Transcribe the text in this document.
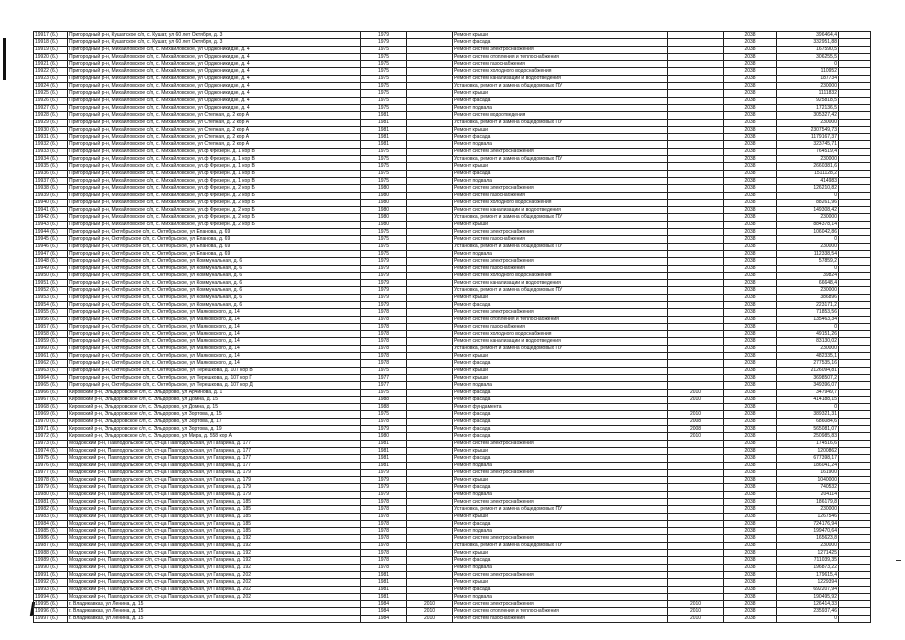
19917 (6.)	Пригородный р-н, Кушатское с/п, с. Кушат, ул 60 лет Октября, д. 3	1979		Ремонт крыши		2038	396464,4	
19918 (6.)	Пригородный р-н, Кушатское с/п, с. Кушат, ул 60 лет Октября, д. 3	1979		Ремонт фасада		2038	332951,88	
19919 (6.)	Пригородный р-н, Михайловское с/п, с. Михайловское, ул Орджоникидзе, д. 4	1975		Ремонт систем электроснабжения		2038	167590,5	
19920 (6.)	Пригородный р-н, Михайловское с/п, с. Михайловское, ул Орджоникидзе, д. 4	1975		Ремонт систем отопления и теплоснабжения		2038	306255,5	
19921 (6.)	Пригородный р-н, Михайловское с/п, с. Михайловское, ул Орджоникидзе, д. 4	1975		Ремонт систем газоснабжения		2038	0	
19922 (6.)	Пригородный р-н, Михайловское с/п, с. Михайловское, ул Орджоникидзе, д. 4	1975		Ремонт систем холодного водоснабжения		2038	110952	
19923 (6.)	Пригородный р-н, Михайловское с/п, с. Михайловское, ул Орджоникидзе, д. 4	1975		Ремонт систем канализации и водоотведения		2038	187734	
19924 (6.)	Пригородный р-н, Михайловское с/п, с. Михайловское, ул Орджоникидзе, д. 4	1975		Установка, ремонт и замена общедомовых ПУ		2038	230000	
19925 (6.)	Пригородный р-н, Михайловское с/п, с. Михайловское, ул Орджоникидзе, д. 4	1975		Ремонт крыши		2038	1111832	
19926 (6.)	Пригородный р-н, Михайловское с/п, с. Михайловское, ул Орджоникидзе, д. 4	1975		Ремонт фасада		2038	925818,5	
19927 (6.)	Пригородный р-н, Михайловское с/п, с. Михайловское, ул Орджоникидзе, д. 4	1975		Ремонт подвала		2038	172136,5	
19928 (6.)	Пригородный р-н, Михайловское с/п, с. Михайловское, ул Степная, д. 2 кор А	1981		Ремонт систем водоотведения		2038	305327,42	
19929 (6.)	Пригородный р-н, Михайловское с/п, с. Михайловское, ул Степная, д. 2 кор А	1981		Установка, ремонт и замена общедомовых ПУ		2038	230000	
19930 (6.)	Пригородный р-н, Михайловское с/п, с. Михайловское, ул Степная, д. 2 кор А	1981		Ремонт крыши		2038	2307549,73	
19931 (6.)	Пригородный р-н, Михайловское с/п, с. Михайловское, ул Степная, д. 2 кор А	1981		Ремонт фасада		2038	1179167,37	
19932 (6.)	Пригородный р-н, Михайловское с/п, с. Михайловское, ул Степная, д. 2 кор А	1981		Ремонт подвала		2038	323745,71	
19933 (6.)	Пригородный р-н, Михайловское с/п, с. Михайловское, ул.ф Фрезерн. д. 1 кор В	1975		Ремонт систем электроснабжения		2038	764519,4	
19934 (6.)	Пригородный р-н, Михайловское с/п, с. Михайловское, ул.ф Фрезерн. д. 1 кор В	1975		Установка, ремонт и замена общедомовых ПУ		2038	230000	
19935 (6.)	Пригородный р-н, Михайловское с/п, с. Михайловское, ул.ф Фрезерн. д. 1 кор В	1975		Ремонт крыши		2038	2660381,6	
19936 (6.)	Пригородный р-н, Михайловское с/п, с. Михайловское, ул.ф Фрезерн. д. 1 кор В	1975		Ремонт фасада		2038	1511128,2	
19937 (6.)	Пригородный р-н, Михайловское с/п, с. Михайловское, ул.ф Фрезерн. д. 1 кор В	1975		Ремонт подвала		2038	414983	
19938 (6.)	Пригородный р-н, Михайловское с/п, с. Михайловское, ул.ф Фрезерн. д. 2 кор Б	1980		Ремонт систем электроснабжения		2038	126210,82	
19939 (6.)	Пригородный р-н, Михайловское с/п, с. Михайловское, ул.ф Фрезерн. д. 2 кор Б	1980		Ремонт систем газоснабжения		2038	0	
19940 (6.)	Пригородный р-н, Михайловское с/п, с. Михайловское, ул.ф Фрезерн. д. 2 кор Б	1980		Ремонт систем холодного водоснабжения		2038	88261,96	
19941 (6.)	Пригородный р-н, Михайловское с/п, с. Михайловское, ул.ф Фрезерн. д. 2 кор Б	1980		Ремонт систем канализации и водоотведения		2038	149308,42	
19942 (6.)	Пригородный р-н, Михайловское с/п, с. Михайловское, ул.ф Фрезерн. д. 2 кор Б	1980		Установка, ремонт и замена общедомовых ПУ		2038	230000	
19943 (6.)	Пригородный р-н, Михайловское с/п, с. Михайловское, ул.ф Фрезерн. д. 2 кор Б	1980		Ремонт крыши		2038	884378,14	
19944 (6.)	Пригородный р-н, Октябрьское с/п, с. Октябрьское, ул Епанова, д. 69	1975		Ремонт систем электроснабжения		2038	106042,86	
19945 (6.)	Пригородный р-н, Октябрьское с/п, с. Октябрьское, ул Епанова, д. 69	1975		Ремонт систем газоснабжения		2038	0	
19946 (6.)	Пригородный р-н, Октябрьское с/п, с. Октябрьское, ул Епанова, д. 69	1975		Установка, ремонт и замена общедомовых ПУ		2038	230000	
19947 (6.)	Пригородный р-н, Октябрьское с/п, с. Октябрьское, ул Епанова, д. 69	1975		Ремонт подвала		2038	112338,54	
19948 (6.)	Пригородный р-н, Октябрьское с/п, с. Октябрьское, ул Коммунальная, д. 6	1979		Ремонт систем электроснабжения		2038	57859,2	
19949 (6.)	Пригородный р-н, Октябрьское с/п, с. Октябрьское, ул Коммунальная, д. 6	1979		Ремонт систем газоснабжения		2038	0	
19950 (6.)	Пригородный р-н, Октябрьское с/п, с. Октябрьское, ул Коммунальная, д. 6	1979		Ремонт систем холодного водоснабжения		2038	39824	
19951 (6.)	Пригородный р-н, Октябрьское с/п, с. Октябрьское, ул Коммунальная, д. 6	1979		Ремонт систем канализации и водоотведения		2038	66648,4	
19952 (6.)	Пригородный р-н, Октябрьское с/п, с. Октябрьское, ул Коммунальная, д. 6	1979		Установка, ремонт и замена общедомовых ПУ		2038	230000	
19953 (6.)	Пригородный р-н, Октябрьское с/п, с. Октябрьское, ул Коммунальная, д. 6	1979		Ремонт крыши		2038	386896	
19954 (6.)	Пригородный р-н, Октябрьское с/п, с. Октябрьское, ул Коммунальная, д. 6	1979		Ремонт фасада		2038	223171,2	
19955 (6.)	Пригородный р-н, Октябрьское с/п, с. Октябрьское, ул Маяковского, д. 14	1978		Ремонт систем электроснабжения		2038	71853,56	
19956 (6.)	Пригородный р-н, Октябрьское с/п, с. Октябрьское, ул Маяковского, д. 14	1978		Ремонт систем отопления и теплоснабжения		2038	135463,34	
19957 (6.)	Пригородный р-н, Октябрьское с/п, с. Октябрьское, ул Маяковского, д. 14	1978		Ремонт систем газоснабжения		2038	0	
19958 (6.)	Пригородный р-н, Октябрьское с/п, с. Октябрьское, ул Маяковского, д. 14	1978		Ремонт систем холодного водоснабжения		2038	49151,26	
19959 (6.)	Пригородный р-н, Октябрьское с/п, с. Октябрьское, ул Маяковского, д. 14	1978		Ремонт систем канализации и водоотведения		2038	83130,02	
19960 (6.)	Пригородный р-н, Октябрьское с/п, с. Октябрьское, ул Маяковского, д. 14	1978		Установка, ремонт и замена общедомовых ПУ		2038	230000	
19961 (6.)	Пригородный р-н, Октябрьское с/п, с. Октябрьское, ул Маяковского, д. 14	1978		Ремонт крыши		2038	482335,1	
19962 (6.)	Пригородный р-н, Октябрьское с/п, с. Октябрьское, ул Маяковского, д. 14	1978		Ремонт фасада		2038	277535,16	
19963 (6.)	Пригородный р-н, Октябрьское с/п, с. Октябрьское, ул Терешкова, д. 107 кор В	1975		Ремонт крыши		2038	2126094,81	
19964 (6.)	Пригородный р-н, Октябрьское с/п, с. Октябрьское, ул Терешкова, д. 107 кор Г	1977		Ремонт крыши		2038	3698507,2	
19965 (6.)	Пригородный р-н, Октябрьское с/п, с. Октябрьское, ул Терешкова, д. 107 кор Д	1977		Ремонт подвала		2038	349396,07	
19966 (6.)	Кировский р-н, Эльдоровское с/п, с. Эльдорово, ул Арчинова, д. 1	1975		Ремонт фасада	2010	2038	347949,7	
19967 (6.)	Кировский р-н, Эльдоровское с/п, с. Эльдорово, ул Домна, д. 15	1988		Ремонт фасада	2010	2038	414188,15	
19968 (6.)	Кировский р-н, Эльдоровское с/п, с. Эльдорово, ул Домна, д. 15	1988		Ремонт фундамента		2038	0	
19969 (6.)	Кировский р-н, Эльдоровское с/п, с. Эльдорово, ул Зортова, д. 15	1975		Ремонт фасада	2010	2038	389321,31	
19970 (6.)	Кировский р-н, Эльдоровское с/п, с. Эльдорово, ул Зортова, д. 17	1978		Ремонт фасада	2008	2038	686084,6	
19971 (6.)	Кировский р-н, Эльдоровское с/п, с. Эльдорово, ул Зортова, д. 19	1979		Ремонт фасада	2008	2038	565081,07	
19972 (6.)	Кировский р-н, Эльдоровское с/п, с. Эльдорово, ул Мира, д. 558 кор А	1980		Ремонт фасада	2010	2038	250985,83	
19973 (6.)	Моздокский р-н, Павлодольское с/п, ст-ца Павлодольская, ул Гагарина, д. 177	1981		Ремонт систем электроснабжения		2038	174516,6	
19974 (6.)	Моздокский р-н, Павлодольское с/п, ст-ца Павлодольская, ул Гагарина, д. 177	1981		Ремонт крыши		2038	1200862	
19975 (6.)	Моздокский р-н, Павлодольское с/п, ст-ца Павлодольская, ул Гагарина, д. 177	1981		Ремонт фасада		2038	677398,17	
19976 (6.)	Моздокский р-н, Павлодольское с/п, ст-ца Павлодольская, ул Гагарина, д. 177	1981		Ремонт подвала		2038	186041,24	
19977 (6.)	Моздокский р-н, Павлодольское с/п, ст-ца Павлодольская, ул Гагарина, д. 179	1979		Ремонт систем электроснабжения		2038	161900	
19978 (6.)	Моздокский р-н, Павлодольское с/п, ст-ца Павлодольская, ул Гагарина, д. 179	1979		Ремонт крыши		2038	1040000	
19979 (6.)	Моздокский р-н, Павлодольское с/п, ст-ца Павлодольская, ул Гагарина, д. 179	1979		Ремонт фасада		2038	740532	
19980 (6.)	Моздокский р-н, Павлодольское с/п, ст-ца Павлодольская, ул Гагарина, д. 179	1979		Ремонт подвала		2038	204114	
19981 (6.)	Моздокский р-н, Павлодольское с/п, ст-ца Павлодольская, ул Гагарина, д. 185	1978		Ремонт систем электроснабжения		2038	186179,8	
19982 (6.)	Моздокский р-н, Павлодольское с/п, ст-ца Павлодольская, ул Гагарина, д. 185	1978		Установка, ремонт и замена общедомовых ПУ		2038	230000	
19983 (6.)	Моздокский р-н, Павлодольское с/п, ст-ца Павлодольская, ул Гагарина, д. 185	1978		Ремонт крыши		2038	1267546	
19984 (6.)	Моздокский р-н, Павлодольское с/п, ст-ца Павлодольская, ул Гагарина, д. 185	1978		Ремонт фасада		2038	724176,94	
19985 (6.)	Моздокский р-н, Павлодольское с/п, ст-ца Павлодольская, ул Гагарина, д. 185	1978		Ремонт подвала		2038	199470,64	
19986 (6.)	Моздокский р-н, Павлодольское с/п, ст-ца Павлодольская, ул Гагарина, д. 192	1978		Ремонт систем электроснабжения		2038	165623,8	
19987 (6.)	Моздокский р-н, Павлодольское с/п, ст-ца Павлодольская, ул Гагарина, д. 192	1978		Установка, ремонт и замена общедомовых ПУ		2038	230000	
19988 (6.)	Моздокский р-н, Павлодольское с/п, ст-ца Павлодольская, ул Гагарина, д. 192	1978		Ремонт крыши		2038	1271425	
19989 (6.)	Моздокский р-н, Павлодольское с/п, ст-ца Павлодольская, ул Гагарина, д. 192	1978		Ремонт фасада		2038	711039,35	
19990 (6.)	Моздокский р-н, Павлодольское с/п, ст-ца Павлодольская, ул Гагарина, д. 192	1978		Ремонт подвала		2038	196873,22	
19991 (6.)	Моздокский р-н, Павлодольское с/п, ст-ца Павлодольская, ул Гагарина, д. 202	1981		Ремонт систем электроснабжения		2038	179615,4	
19992 (6.)	Моздокский р-н, Павлодольское с/п, ст-ца Павлодольская, ул Гагарина, д. 202	1981		Ремонт крыши		2038	1229394	
19993 (6.)	Моздокский р-н, Павлодольское с/п, ст-ца Павлодольская, ул Гагарина, д. 202	1981		Ремонт фасада		2038	692207,94	
19994 (6.)	Моздокский р-н, Павлодольское с/п, ст-ца Павлодольская, ул Гагарина, д. 202	1981		Ремонт подвала		2038	190495,92	
19995 (6.)	г. Владикавказ, ул Ленина, д. 15	1984	2010	Ремонт систем электроснабжения	2010	2038	126414,33	
19996 (6.)	г. Владикавказ, ул Ленина, д. 15	1984	2010	Ремонт систем отопления и теплоснабжения	2010	2038	235937,46	
19997 (6.)	г. Владикавказ, ул Ленина, д. 15	1984	2010	Ремонт систем газоснабжения	2010	2038	0	
